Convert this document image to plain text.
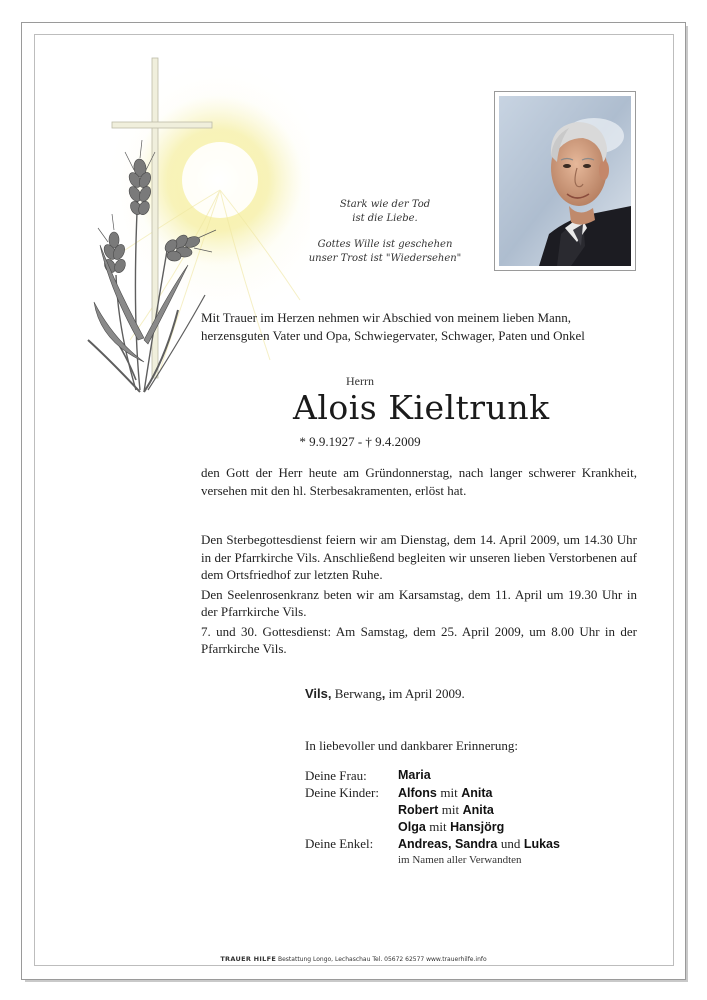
Stark wie der Tod
ist die Liebe.

Gottes Wille ist geschehen
unser Trost ist "Wiedersehen"

Mit Trauer im Herzen nehmen wir Abschied von meinem lieben Mann, herzensguten Vater und Opa, Schwiegervater, Schwager, Paten und Onkel
Herrn
Alois Kieltrunk
* 9.9.1927 - † 9.4.2009

den Gott der Herr heute am Gründonnerstag, nach langer schwerer Krankheit, versehen mit den hl. Sterbesakramenten, erlöst hat.

Den Sterbegottesdienst feiern wir am Dienstag, dem 14. April 2009, um 14.30 Uhr in der Pfarrkirche Vils. Anschließend begleiten wir unseren lieben Verstorbenen auf dem Ortsfriedhof zur letzten Ruhe.

Den Seelenrosenkranz beten wir am Karsamstag, dem 11. April um 19.30 Uhr in der Pfarrkirche Vils.

7. und 30. Gottesdienst: Am Samstag, dem 25. April 2009, um 8.00 Uhr in der Pfarrkirche Vils.

Vils, Berwang, im April 2009.
In liebevoller und dankbarer Erinnerung:
Deine Frau:	Maria
Deine Kinder:	Alfons mit Anita
Robert mit Anita
Olga mit Hansjörg
Deine Enkel:	Andreas, Sandra und Lukas
im Namen aller Verwandten
TRAUER HILFE Bestattung Longo, Lechaschau Tel. 05672 62577 www.trauerhilfe.info
